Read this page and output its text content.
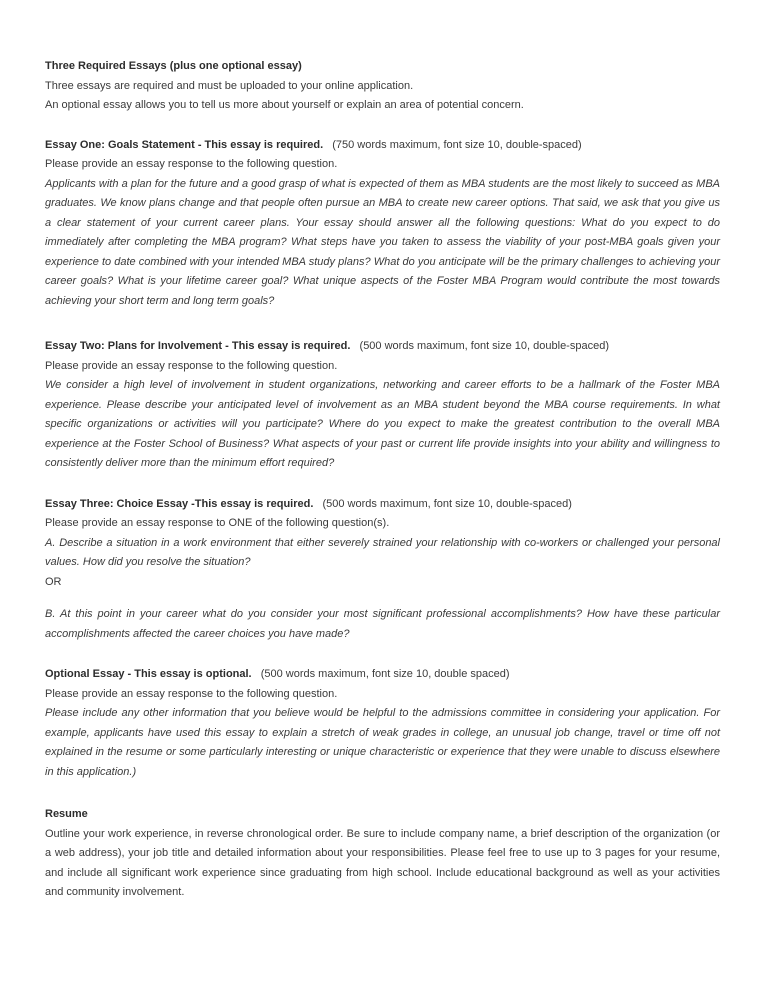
Three Required Essays (plus one optional essay)

Three essays are required and must be uploaded to your online application.

An optional essay allows you to tell us more about yourself or explain an area of potential concern.

Essay One: Goals Statement - This essay is required. (750 words maximum, font size 10, double-spaced)

Please provide an essay response to the following question.

Applicants with a plan for the future and a good grasp of what is expected of them as MBA students are the most likely to succeed as MBA graduates. We know plans change and that people often pursue an MBA to create new career options. That said, we ask that you give us a clear statement of your current career plans. Your essay should answer all the following questions: What do you expect to do immediately after completing the MBA program? What steps have you taken to assess the viability of your post-MBA goals given your experience to date combined with your intended MBA study plans? What do you anticipate will be the primary challenges to achieving your career goals? What is your lifetime career goal? What unique aspects of the Foster MBA Program would contribute the most towards achieving your short term and long term goals?

Essay Two: Plans for Involvement - This essay is required. (500 words maximum, font size 10, double-spaced)

Please provide an essay response to the following question.

We consider a high level of involvement in student organizations, networking and career efforts to be a hallmark of the Foster MBA experience. Please describe your anticipated level of involvement as an MBA student beyond the MBA course requirements. In what specific organizations or activities will you participate? Where do you expect to make the greatest contribution to the overall MBA experience at the Foster School of Business? What aspects of your past or current life provide insights into your ability and willingness to consistently deliver more than the minimum effort required?

Essay Three: Choice Essay -This essay is required. (500 words maximum, font size 10, double-spaced)

Please provide an essay response to ONE of the following question(s).

A. Describe a situation in a work environment that either severely strained your relationship with co-workers or challenged your personal values. How did you resolve the situation?

OR

B. At this point in your career what do you consider your most significant professional accomplishments? How have these particular accomplishments affected the career choices you have made?

Optional Essay - This essay is optional. (500 words maximum, font size 10, double spaced)

Please provide an essay response to the following question.

Please include any other information that you believe would be helpful to the admissions committee in considering your application. For example, applicants have used this essay to explain a stretch of weak grades in college, an unusual job change, travel or time off not explained in the resume or some particularly interesting or unique characteristic or experience that they were unable to discuss elsewhere in this application.)

Resume

Outline your work experience, in reverse chronological order. Be sure to include company name, a brief description of the organization (or a web address), your job title and detailed information about your responsibilities. Please feel free to use up to 3 pages for your resume, and include all significant work experience since graduating from high school. Include educational background as well as your activities and community involvement.
